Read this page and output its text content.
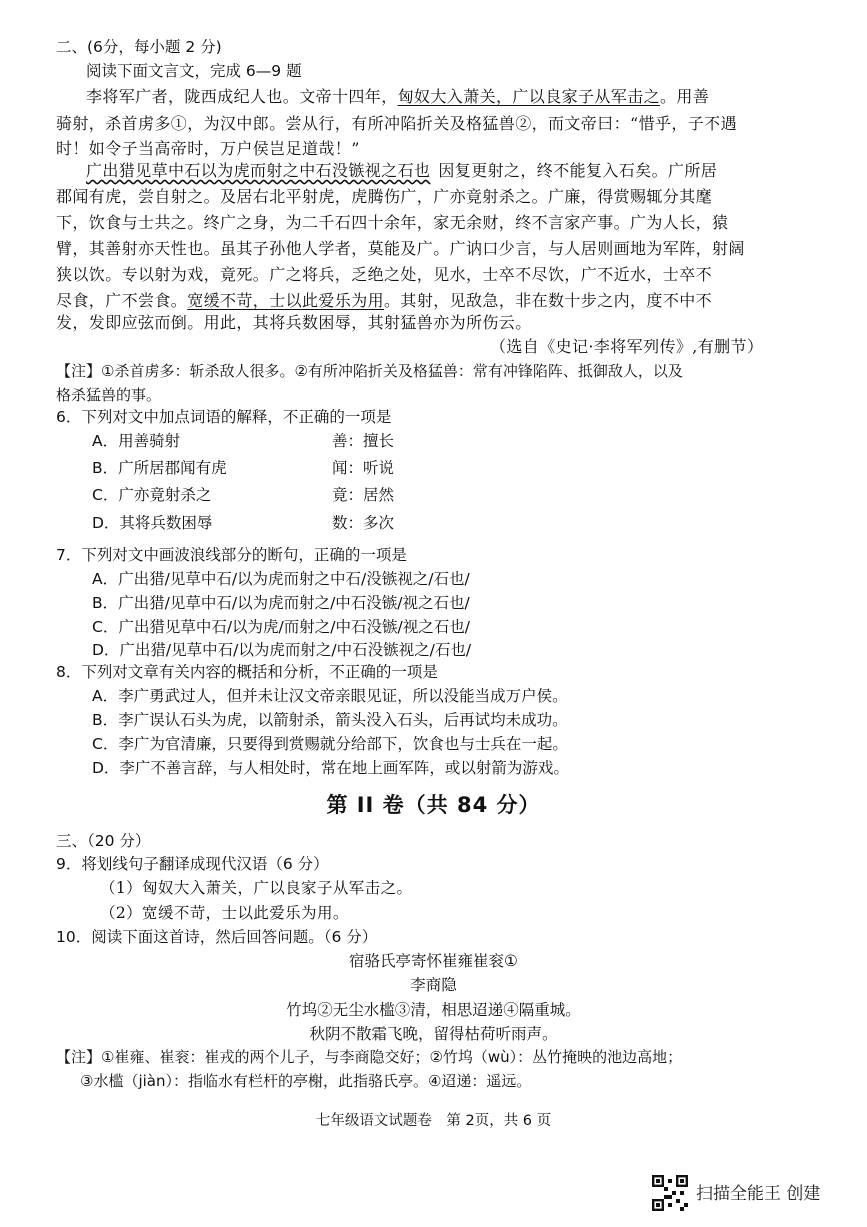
二、(6分，每小题 2 分)
阅读下面文言文，完成 6—9 题
李将军广者，陇西成纪人也。文帝十四年，匈奴大入萧关，广以良家子从军击之。用善
骑射，杀首虏多①，为汉中郎。尝从行，有所冲陷折关及格猛兽②，而文帝曰：“惜乎，子不遇
时！如令子当高帝时，万户侯岂足道哉！”
广出猎见草中石以为虎而射之中石没镞视之石也 因复更射之，终不能复入石矣。广所居
郡闻有虎，尝自射之。及居右北平射虎，虎腾伤广，广亦竟射杀之。广廉，得赏赐辄分其麾
下，饮食与士共之。终广之身，为二千石四十余年，家无余财，终不言家产事。广为人长，猿
臂，其善射亦天性也。虽其子孙他人学者，莫能及广。广讷口少言，与人居则画地为军阵，射阔
狭以饮。专以射为戏，竟死。广之将兵，乏绝之处，见水，士卒不尽饮，广不近水，士卒不
尽食，广不尝食。宽缓不苛，士以此爱乐为用。其射，见敌急，非在数十步之内，度不中不
发，发即应弦而倒。用此，其将兵数困辱，其射猛兽亦为所伤云。
（选自《史记·李将军列传》,有删节）
【注】①杀首虏多：斩杀敌人很多。②有所冲陷折关及格猛兽：常有冲锋陷阵、抵御敌人，以及
格杀猛兽的事。
6．下列对文中加点词语的解释，不正确的一项是
A．用善骑射	善：擅长
B．广所居郡闻有虎	闻：听说
C．广亦竟射杀之	竟：居然
D．其将兵数困辱	数：多次
7．下列对文中画波浪线部分的断句，正确的一项是
A．广出猎/见草中石/以为虎而射之中石/没镞视之/石也/
B．广出猎/见草中石/以为虎而射之/中石没镞/视之石也/
C．广出猎见草中石/以为虎/而射之/中石没镞/视之石也/
D．广出猎/见草中石/以为虎而射之/中石没镞视之/石也/
8．下列对文章有关内容的概括和分析，不正确的一项是
A．李广勇武过人，但并未让汉文帝亲眼见证，所以没能当成万户侯。
B．李广误认石头为虎，以箭射杀，箭头没入石头，后再试均未成功。
C．李广为官清廉，只要得到赏赐就分给部下，饮食也与士兵在一起。
D．李广不善言辞，与人相处时，常在地上画军阵，或以射箭为游戏。
第 II 卷（共 84 分）
三、（20 分）
9．将划线句子翻译成现代汉语（6 分）
（1）匈奴大入萧关，广以良家子从军击之。
（2）宽缓不苛，士以此爱乐为用。
10．阅读下面这首诗，然后回答问题。（6 分）
宿骆氏亭寄怀崔雍崔衮①
李商隐
竹坞②无尘水槛③清，相思迢递④隔重城。
秋阴不散霜飞晚，留得枯荷听雨声。
【注】①崔雍、崔衮：崔戎的两个儿子，与李商隐交好；②竹坞（wù）：丛竹掩映的池边高地；
③水槛（jiàn）：指临水有栏杆的亭榭，此指骆氏亭。④迢递：遥远。
七年级语文试题卷　第 2页，共 6 页
扫描全能王 创建
